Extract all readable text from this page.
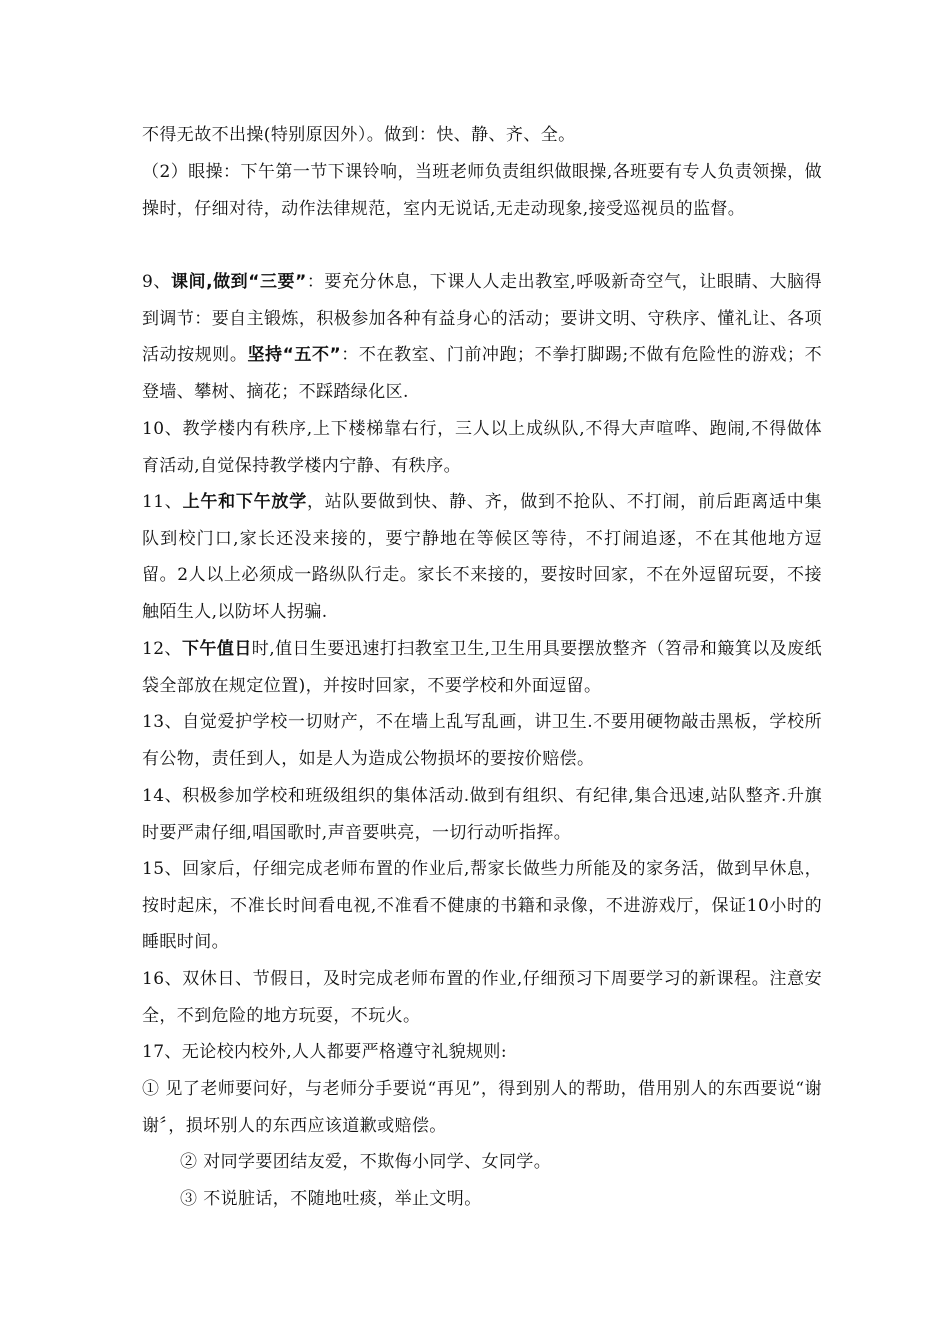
不得无故不出操(特别原因外）。做到：快、静、齐、全。

（2）眼操：下午第一节下课铃响，当班老师负责组织做眼操,各班要有专人负责领操，做操时，仔细对待，动作法律规范，室内无说话,无走动现象,接受巡视员的监督。

9、课间,做到“三要”：要充分休息，下课人人走出教室,呼吸新奇空气，让眼睛、大脑得到调节：要自主锻炼，积极参加各种有益身心的活动；要讲文明、守秩序、懂礼让、各项活动按规则。坚持“五不”：不在教室、门前冲跑；不拳打脚踢;不做有危险性的游戏；不登墙、攀树、摘花；不踩踏绿化区.

10、教学楼内有秩序,上下楼梯靠右行，三人以上成纵队,不得大声喧哗、跑闹,不得做体育活动,自觉保持教学楼内宁静、有秩序。

11、上午和下午放学，站队要做到快、静、齐，做到不抢队、不打闹，前后距离适中集队到校门口,家长还没来接的，要宁静地在等候区等待，不打闹追逐，不在其他地方逗留。2人以上必须成一路纵队行走。家长不来接的，要按时回家，不在外逗留玩耍，不接触陌生人,以防坏人拐骗.

12、下午值日时,值日生要迅速打扫教室卫生,卫生用具要摆放整齐（笤帚和簸箕以及废纸袋全部放在规定位置)，并按时回家，不要学校和外面逗留。

13、自觉爱护学校一切财产，不在墙上乱写乱画，讲卫生.不要用硬物敲击黑板，学校所有公物，责任到人，如是人为造成公物损坏的要按价赔偿。

14、积极参加学校和班级组织的集体活动.做到有组织、有纪律,集合迅速,站队整齐.升旗时要严肃仔细,唱国歌时,声音要哄亮，一切行动听指挥。

15、回家后，仔细完成老师布置的作业后,帮家长做些力所能及的家务活，做到早休息，按时起床，不准长时间看电视,不准看不健康的书籍和录像，不进游戏厅，保证10小时的睡眠时间。

16、双休日、节假日，及时完成老师布置的作业,仔细预习下周要学习的新课程。注意安全，不到危险的地方玩耍，不玩火。

17、无论校内校外,人人都要严格遵守礼貌规则:

① 见了老师要问好，与老师分手要说“再见”，得到别人的帮助，借用别人的东西要说“谢谢〞，损坏别人的东西应该道歉或赔偿。

② 对同学要团结友爱，不欺侮小同学、女同学。

③ 不说脏话，不随地吐痰，举止文明。
